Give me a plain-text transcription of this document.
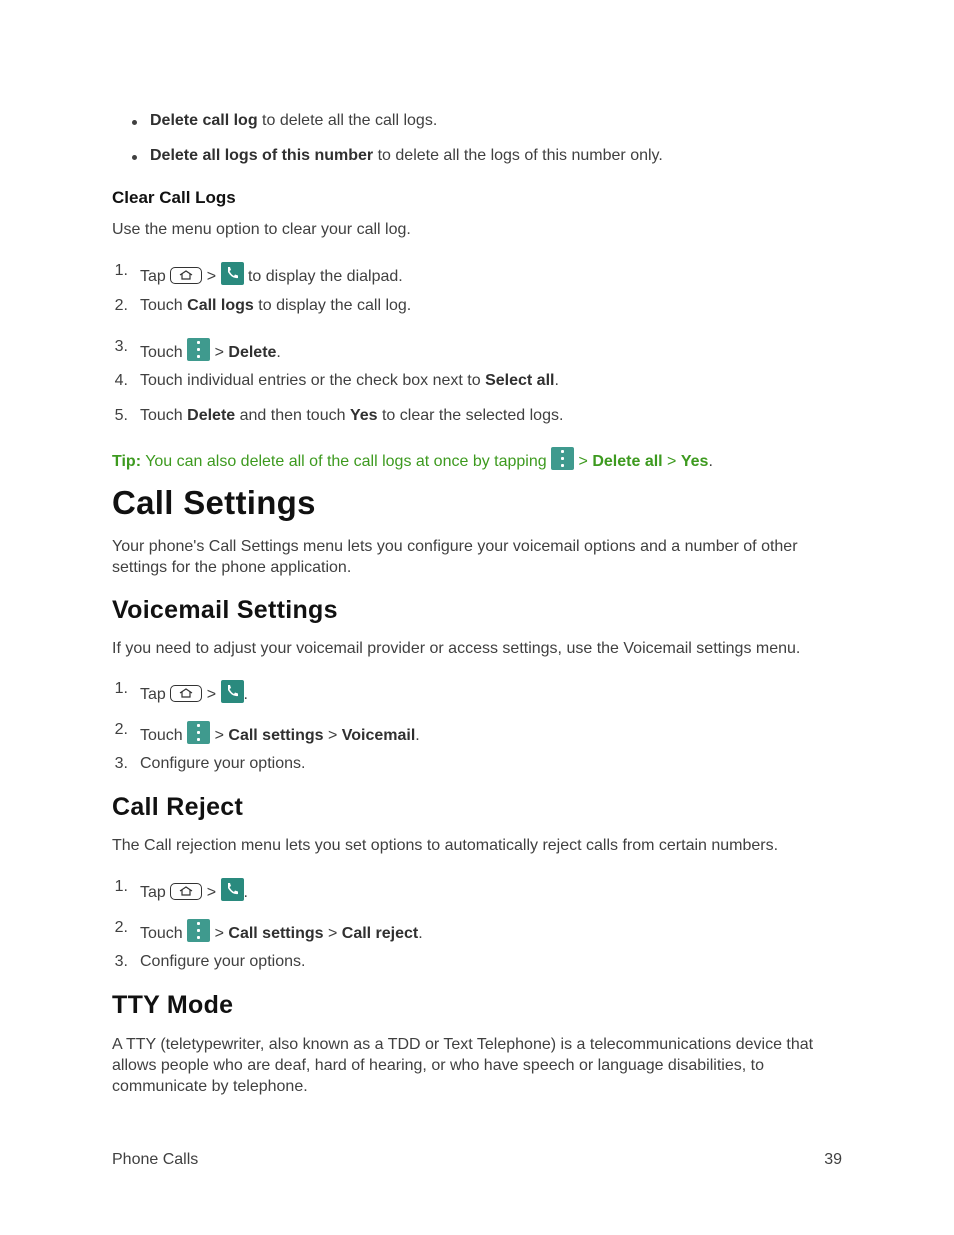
Delete call log to delete all the call logs.
Delete all logs of this number to delete all the logs of this number only.
Clear Call Logs
Use the menu option to clear your call log.
1. Tap	>
to display the dialpad.
2. Touch Call logs to display the call log.
3. Touch
> Delete.
4. Touch individual entries or the check box next to Select all.
5. Touch Delete and then touch Yes to clear the selected logs.
Tip: You can also delete all of the call logs at once by tapping
> Delete all > Yes.
Call Settings
Your phone's Call Settings menu lets you configure your voicemail options and a number of other settings for the phone application.
Voicemail Settings
If you need to adjust your voicemail provider or access settings, use the Voicemail settings menu.
1. Tap	> .
2. Touch
> Call settings > Voicemail.
3. Configure your options.
Call Reject
The Call rejection menu lets you set options to automatically reject calls from certain numbers.
1. Tap	> .
2. Touch
> Call settings > Call reject.
3. Configure your options.
TTY Mode
A TTY (teletypewriter, also known as a TDD or Text Telephone) is a telecommunications device that allows people who are deaf, hard of hearing, or who have speech or language disabilities, to communicate by telephone.
Phone Calls	39
